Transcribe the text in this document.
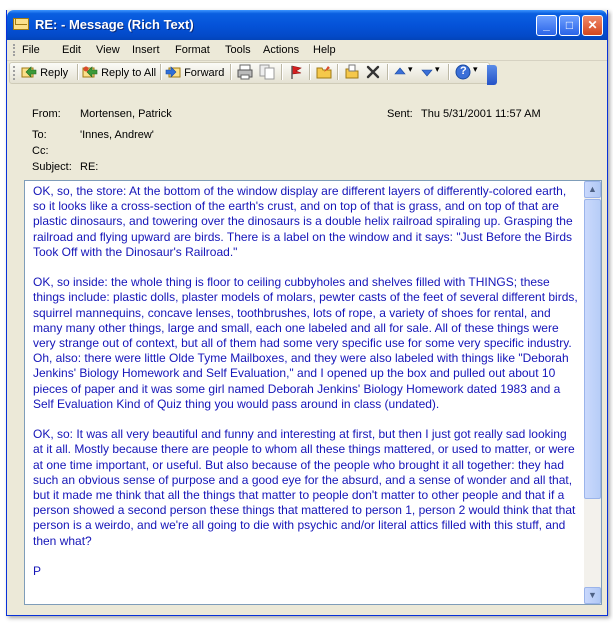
RE: - Message (Rich Text)	_	□	✕
File Edit View Insert Format Tools Actions Help
Reply	Reply to All	Forward	▾ ▾ ? ▾
From: Mortensen, Patrick	Sent: Thu 5/31/2001 11:57 AM
To:	'Innes, Andrew'
Cc:
Subject: RE:

OK, so, the store: At the bottom of the window display are different layers of differently-colored earth, so it looks like a cross-section of the earth's crust, and on top of that is grass, and on top of that are plastic dinosaurs, and towering over the dinosaurs is a double helix railroad spiraling up. Grasping the railroad and flying upward are birds. There is a label on the window and it says: "Just Before the Birds Took Off with the Dinosaur's Railroad."

OK, so inside: the whole thing is floor to ceiling cubbyholes and shelves filled with THINGS; these things include: plastic dolls, plaster models of molars, pewter casts of the feet of several different birds, squirrel mannequins, concave lenses, toothbrushes, lots of rope, a variety of shoes for rental, and many many other things, large and small, each one labeled and all for sale. All of these things were very strange out of context, but all of them had some very specific use for some very specific industry.

Oh, also: there were little Olde Tyme Mailboxes, and they were also labeled with things like "Deborah Jenkins' Biology Homework and Self Evaluation," and I opened up the box and pulled out about 10 pieces of paper and it was some girl named Deborah Jenkins' Biology Homework dated 1983 and a Self Evaluation Kind of Quiz thing you would pass around in class (undated).

OK, so: It was all very beautiful and funny and interesting at first, but then I just got really sad looking at it all. Mostly because there are people to whom all these things mattered, or used to matter, or were at one time important, or useful. But also because of the people who brought it all together: they had such an obvious sense of purpose and a good eye for the absurd, and a sense of wonder and all that, but it made me think that all the things that matter to people don't matter to other people and that if a person showed a second person these things that mattered to person 1, person 2 would think that that person is a weirdo, and we're all going to die with psychic and/or literal attics filled with this stuff, and then what?

P

▲
▼
